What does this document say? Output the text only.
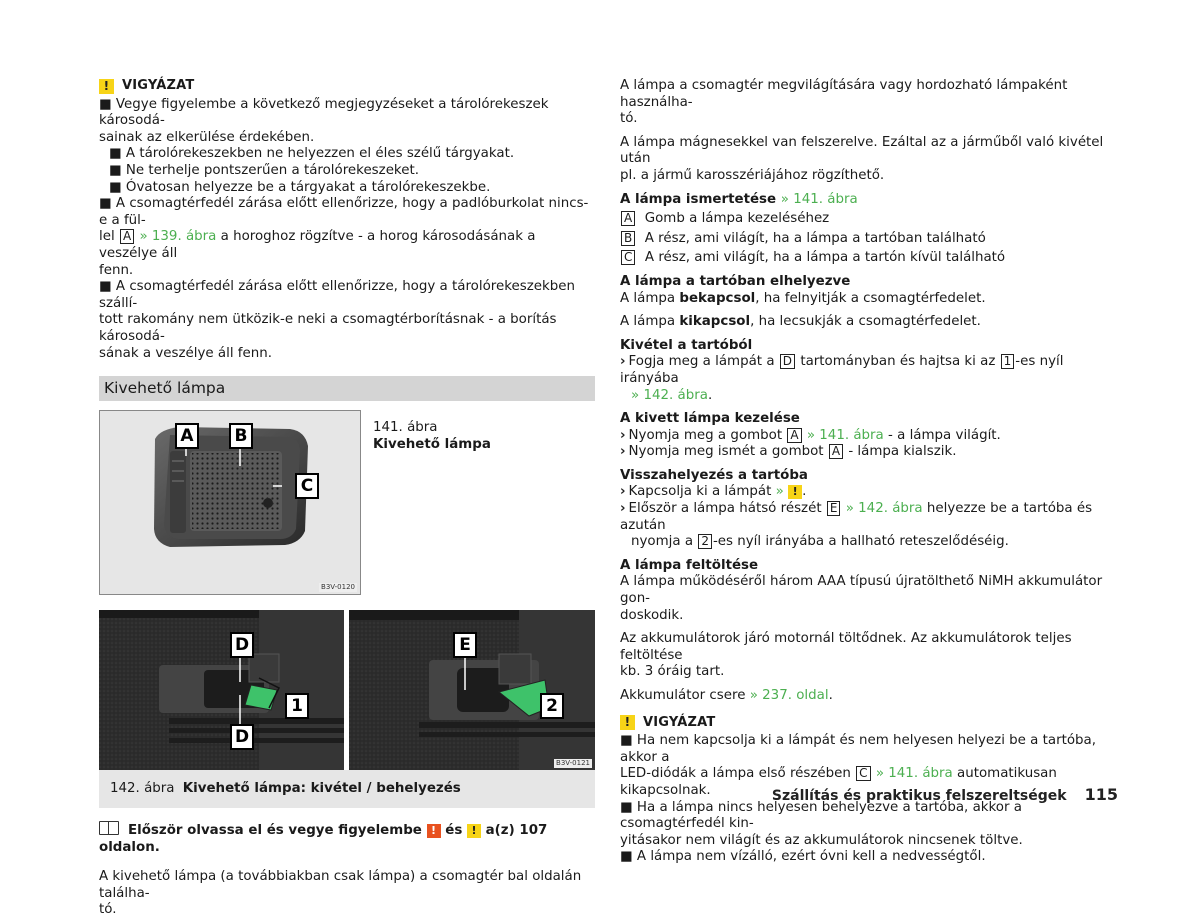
! VIGYÁZAT

■ Vegye figyelembe a következő megjegyzéseket a tárolórekeszek károsodá-

sainak az elkerülése érdekében.

■ A tárolórekeszekben ne helyezzen el éles szélű tárgyakat.

■ Ne terhelje pontszerűen a tárolórekeszeket.

■ Óvatosan helyezze be a tárgyakat a tárolórekeszekbe.

■ A csomagtérfedél zárása előtt ellenőrizze, hogy a padlóburkolat nincs-e a fül-

lel A » 139. ábra a horoghoz rögzítve - a horog károsodásának a veszélye áll

fenn.

■ A csomagtérfedél zárása előtt ellenőrizze, hogy a tárolórekeszekben szállí-

tott rakomány nem ütközik-e neki a csomagtérborításnak - a borítás károsodá-

sának a veszélye áll fenn.

Kivehető lámpa
A	B
C
B3V-0120

141. ábra

Kivehető lámpa

D
1
D
E
2
B3V-0121
142. ábra Kivehető lámpa: kivétel / behelyezés

Először olvassa el és vegye figyelembe ! és ! a(z) 107 oldalon.

A kivehető lámpa (a továbbiakban csak lámpa) a csomagtér bal oldalán találha-

tó.

A lámpa a csomagtér megvilágítására vagy hordozható lámpaként használha-

tó.

A lámpa mágnesekkel van felszerelve. Ezáltal az a járműből való kivétel után

pl. a jármű karosszériájához rögzíthető.

A lámpa ismertetése » 141. ábra

A Gomb a lámpa kezeléséhez

B A rész, ami világít, ha a lámpa a tartóban található

C A rész, ami világít, ha a lámpa a tartón kívül található

A lámpa a tartóban elhelyezve

A lámpa bekapcsol, ha felnyitják a csomagtérfedelet.

A lámpa kikapcsol, ha lecsukják a csomagtérfedelet.

Kivétel a tartóból

› Fogja meg a lámpát a D tartományban és hajtsa ki az 1 -es nyíl irányába

» 142. ábra.

A kivett lámpa kezelése

› Nyomja meg a gombot A » 141. ábra - a lámpa világít.

› Nyomja meg ismét a gombot A - lámpa kialszik.

Visszahelyezés a tartóba

› Kapcsolja ki a lámpát » ! .

› Először a lámpa hátsó részét E » 142. ábra helyezze be a tartóba és azután

nyomja a 2 -es nyíl irányába a hallható reteszelődéséig.

A lámpa feltöltése

A lámpa működéséről három AAA típusú újratölthető NiMH akkumulátor gon-

doskodik.

Az akkumulátorok járó motornál töltődnek. Az akkumulátorok teljes feltöltése

kb. 3 óráig tart.

Akkumulátor csere » 237. oldal.

! VIGYÁZAT

■ Ha nem kapcsolja ki a lámpát és nem helyesen helyezi be a tartóba, akkor a

LED-diódák a lámpa első részében C » 141. ábra automatikusan kikapcsolnak.

■ Ha a lámpa nincs helyesen behelyezve a tartóba, akkor a csomagtérfedél kin-

yitásakor nem világít és az akkumulátorok nincsenek töltve.

■ A lámpa nem vízálló, ezért óvni kell a nedvességtől.

Szállítás és praktikus felszereltségek 115
